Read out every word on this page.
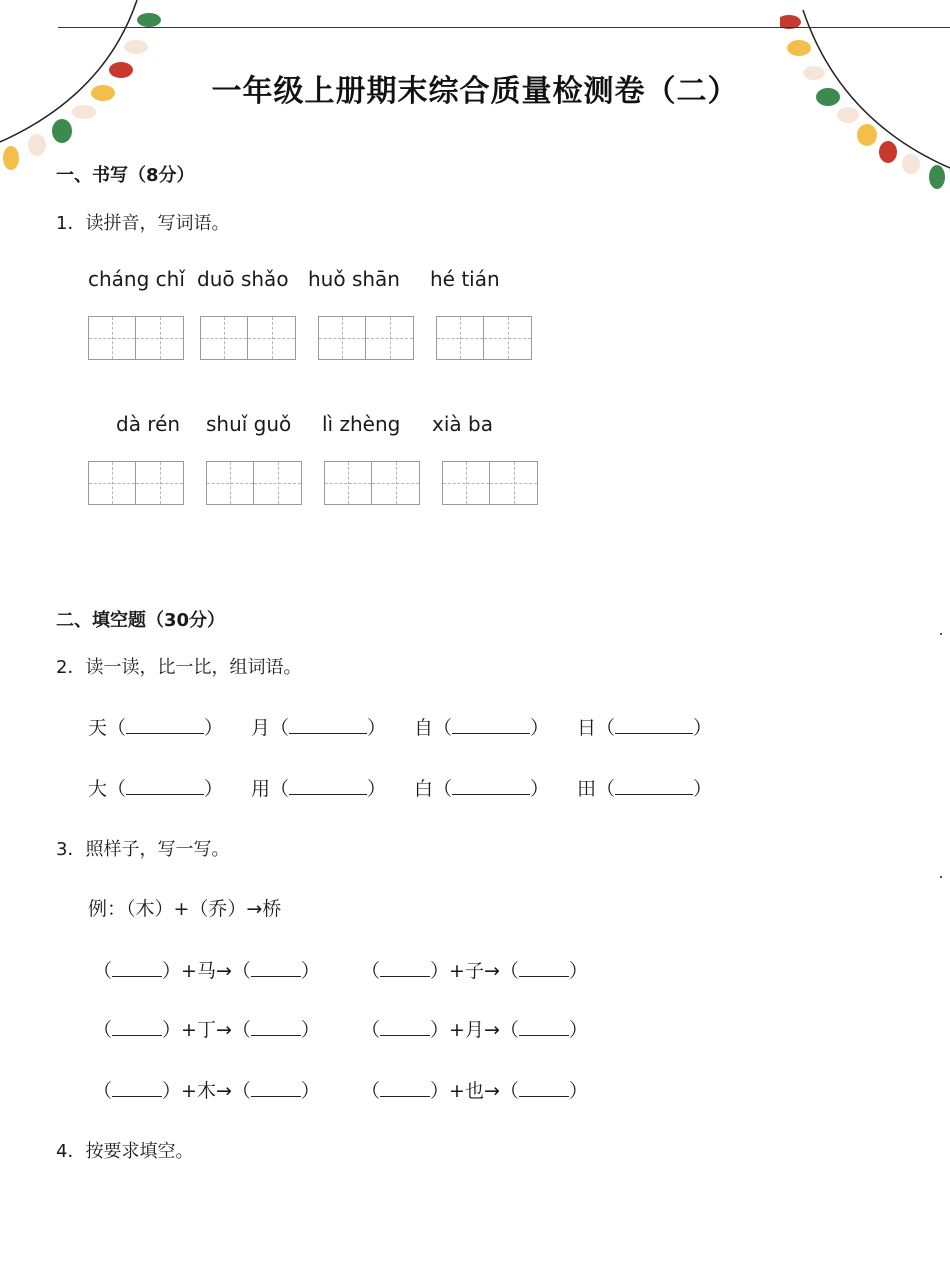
一年级上册期末综合质量检测卷（二）
一、书写（8分）
1．读拼音，写词语。
cháng chǐ duō shǎo huǒ shān hé tián
dà rén shuǐ guǒ lì zhèng xià ba
二、填空题（30分）
2．读一读，比一比，组词语。
天（	） 月（	） 自（	） 日（	）
大（	） 用（	） 白（	） 田（	）
3．照样子，写一写。
例：（木）+（乔）→桥
（	）+马→（	） （	）+子→（	）
（	）+丁→（	） （	）+月→（	）
（	）+木→（	） （	）+也→（	）
4．按要求填空。
